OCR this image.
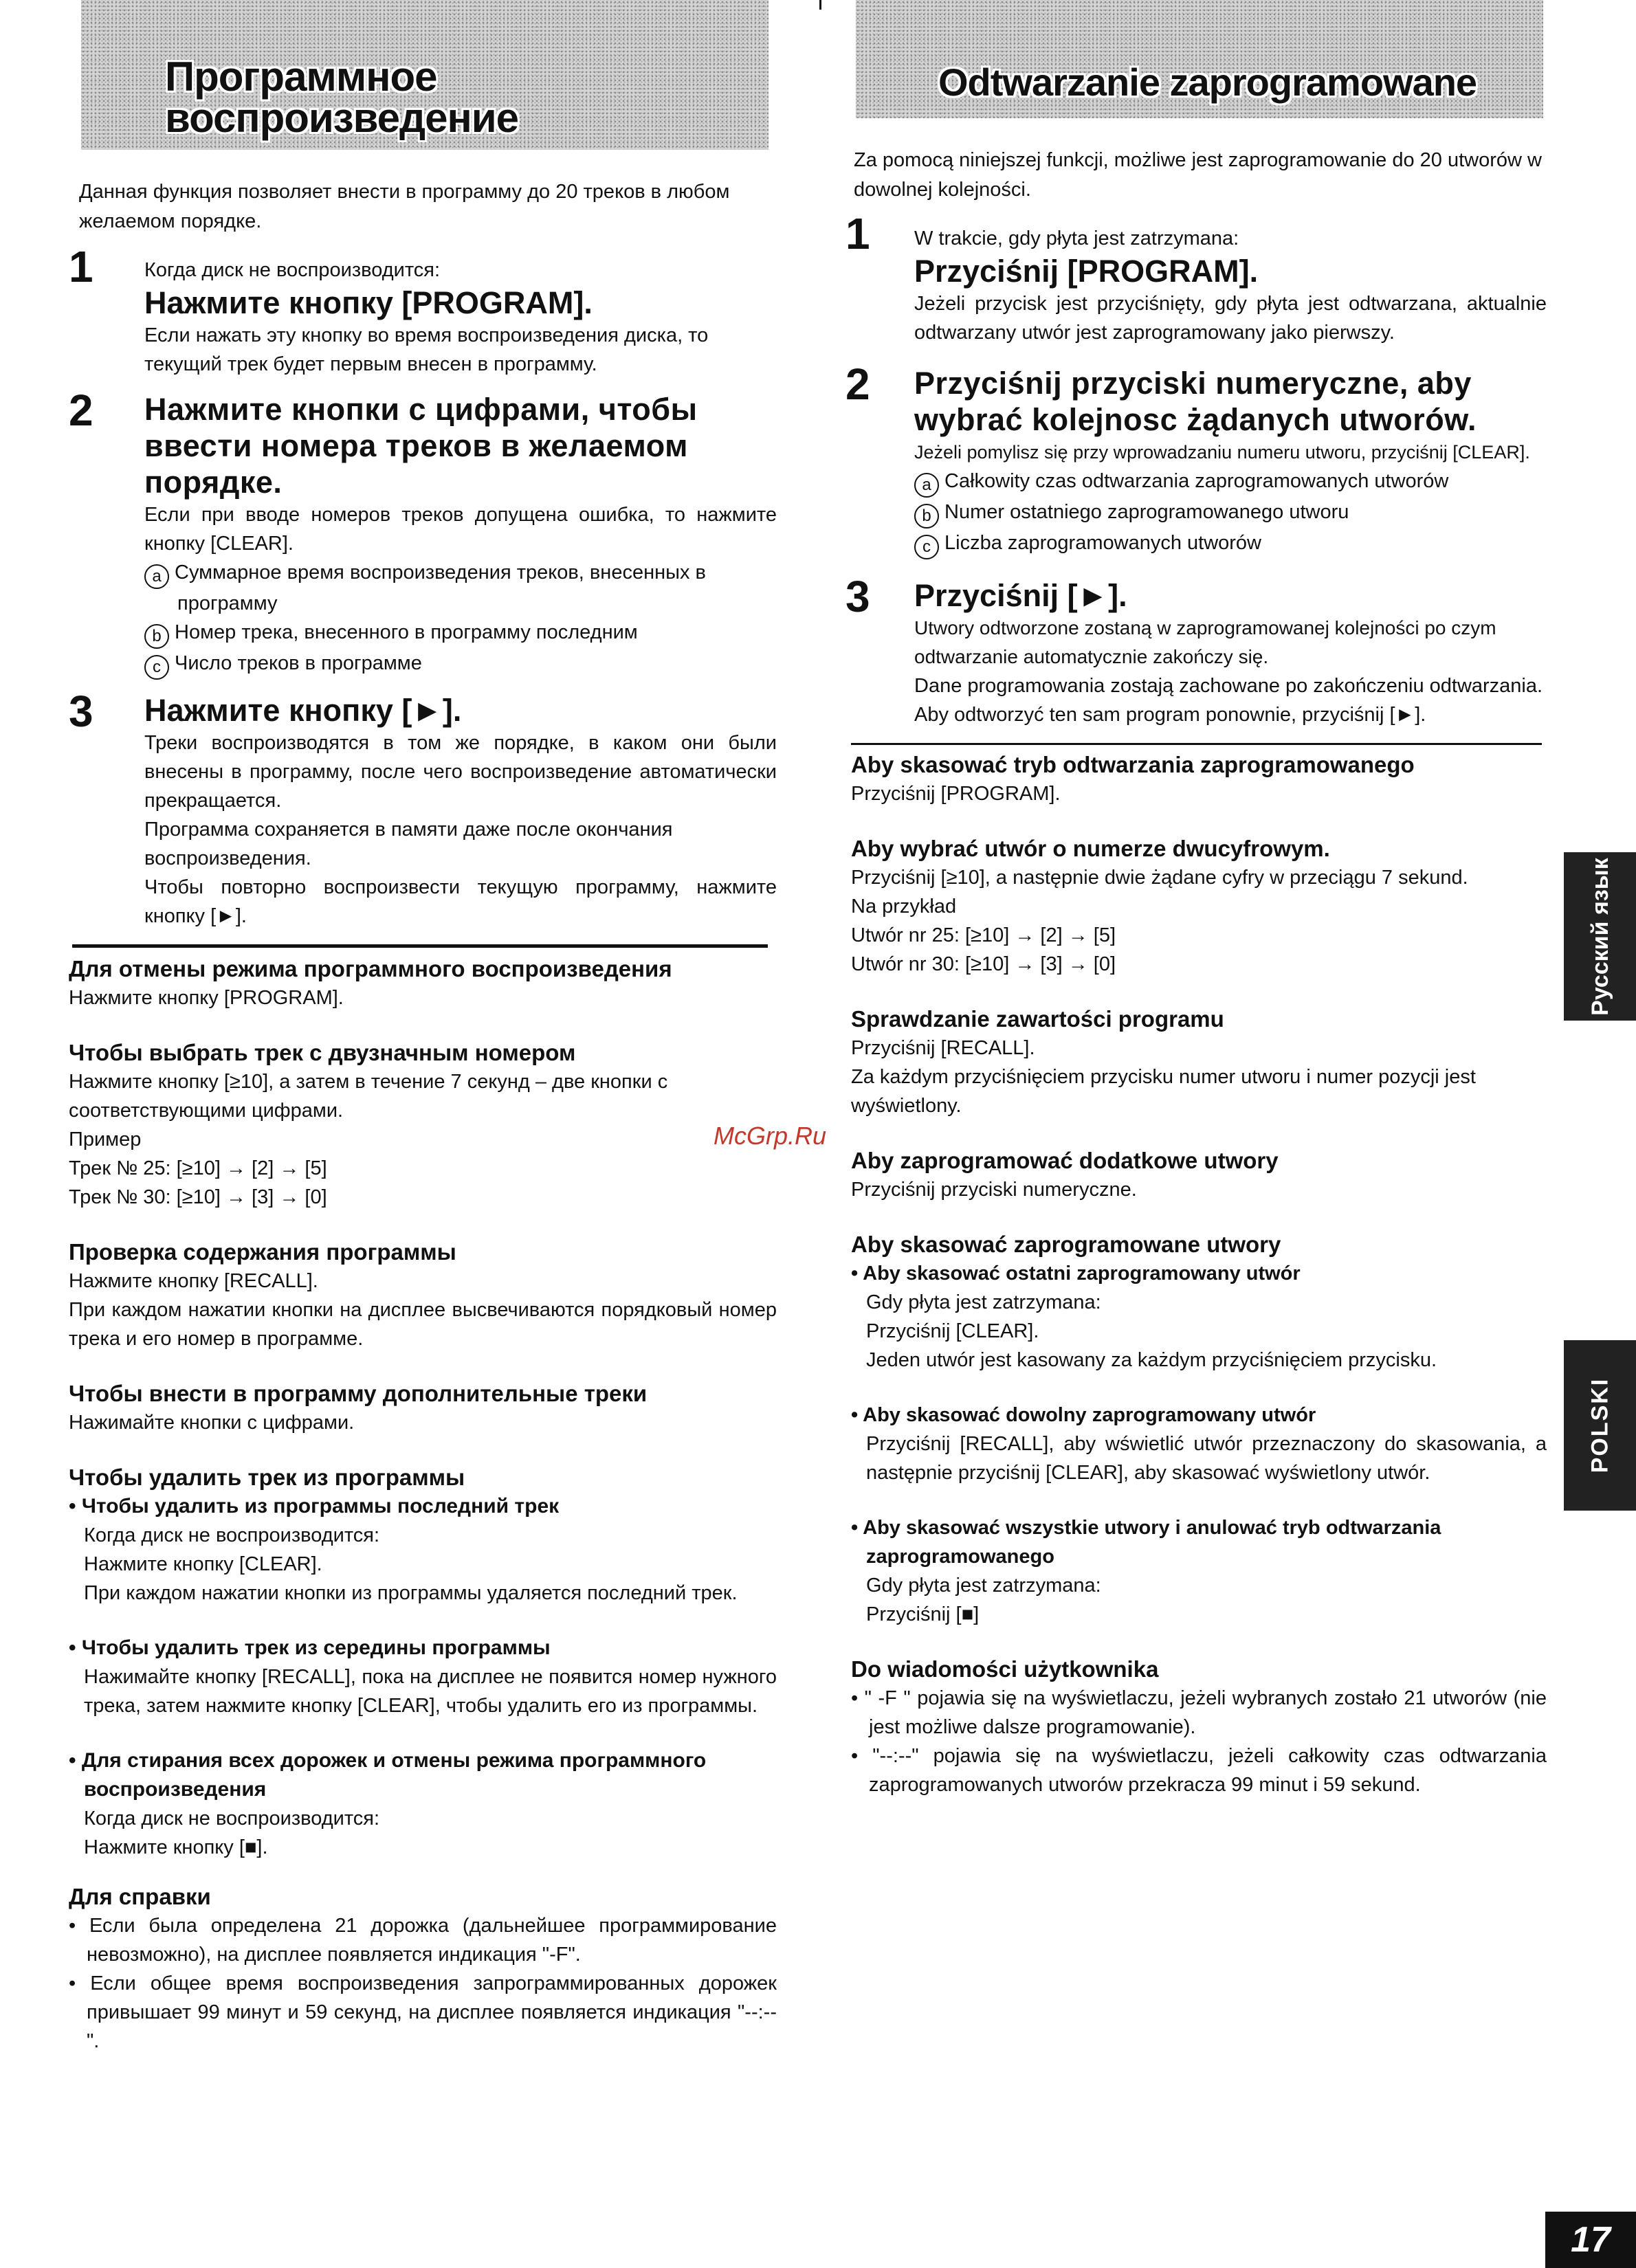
Программное воспроизведение
Данная функция позволяет внести в программу до 20 треков в любом желаемом порядке.
1	Когда диск не воспроизводится:
Нажмите кнопку [PROGRAM].
Если нажать эту кнопку во время воспроизведения диска, то текущий трек будет первым внесен в программу.
2 Нажмите кнопки с цифрами, чтобы ввести номера треков в желаемом порядке.
Если при вводе номеров треков допущена ошибка, то нажмите кнопку [CLEAR].
a Суммарное время воспроизведения треков, внесенных в программу
b Номер трека, внесенного в программу последним
c Число треков в программе
3 Нажмите кнопку [►].
Треки воспроизводятся в том же порядке, в каком они были внесены в программу, после чего воспроизведение автоматически прекращается.
Программа сохраняется в памяти даже после окончания воспроизведения.
Чтобы повторно воспроизвести текущую программу, нажмите кнопку [►].
Для отмены режима программного воспроизведения
Нажмите кнопку [PROGRAM].
Чтобы выбрать трек с двузначным номером
Нажмите кнопку [≥10], а затем в течение 7 секунд – две кнопки с соответствующими цифрами.
Пример
Трек № 25: [≥10] → [2] → [5]
Трек № 30: [≥10] → [3] → [0]
Проверка содержания программы
Нажмите кнопку [RECALL].
При каждом нажатии кнопки на дисплее высвечиваются порядковый номер трека и его номер в программе.
Чтобы внести в программу дополнительные треки
Нажимайте кнопки с цифрами.
Чтобы удалить трек из программы
• Чтобы удалить из программы последний трек
Когда диск не воспроизводится:
Нажмите кнопку [CLEAR].
При каждом нажатии кнопки из программы удаляется последний трек.
• Чтобы удалить трек из середины программы
Нажимайте кнопку [RECALL], пока на дисплее не появится номер нужного трека, затем нажмите кнопку [CLEAR], чтобы удалить его из программы.
• Для стирания всех дорожек и отмены режима программного воспроизведения
Когда диск не воспроизводится:
Нажмите кнопку [■].
Для справки
• Если была определена 21 дорожка (дальнейшее программирование невозможно), на дисплее появляется индикация "-F".
• Если общее время воспроизведения запрограммированных дорожек привышает 99 минут и 59 секунд, на дисплее появляется индикация "--:--".
Odtwarzanie zaprogramowane
Za pomocą niniejszej funkcji, możliwe jest zaprogramowanie do 20 utworów w dowolnej kolejności.
1 W trakcie, gdy płyta jest zatrzymana:
Przyciśnij [PROGRAM].
Jeżeli przycisk jest przyciśnięty, gdy płyta jest odtwarzana, aktualnie odtwarzany utwór jest zaprogramowany jako pierwszy.
2 Przyciśnij przyciski numeryczne, aby wybrać kolejnosc żądanych utworów.
Jeżeli pomylisz się przy wprowadzaniu numeru utworu, przyciśnij [CLEAR].
a Całkowity czas odtwarzania zaprogramowanych utworów
b Numer ostatniego zaprogramowanego utworu
c Liczba zaprogramowanych utworów
3 Przyciśnij [►].
Utwory odtworzone zostaną w zaprogramowanej kolejności po czym odtwarzanie automatycznie zakończy się.
Dane programowania zostają zachowane po zakończeniu odtwarzania.
Aby odtworzyć ten sam program ponownie, przyciśnij [►].
Aby skasować tryb odtwarzania zaprogramowanego
Przyciśnij [PROGRAM].
Aby wybrać utwór o numerze dwucyfrowym.
Przyciśnij [≥10], a następnie dwie żądane cyfry w przeciągu 7 sekund.
Na przykład
Utwór nr 25: [≥10] → [2] → [5]
Utwór nr 30: [≥10] → [3] → [0]
Sprawdzanie zawartości programu
Przyciśnij [RECALL].
Za każdym przyciśnięciem przycisku numer utworu i numer pozycji jest wyświetlony.
Aby zaprogramować dodatkowe utwory
Przyciśnij przyciski numeryczne.
Aby skasować zaprogramowane utwory
• Aby skasować ostatni zaprogramowany utwór
Gdy płyta jest zatrzymana:
Przyciśnij [CLEAR].
Jeden utwór jest kasowany za każdym przyciśnięciem przycisku.
• Aby skasować dowolny zaprogramowany utwór
Przyciśnij [RECALL], aby wświetlić utwór przeznaczony do skasowania, a następnie przyciśnij [CLEAR], aby skasować wyświetlony utwór.
• Aby skasować wszystkie utwory i anulować tryb odtwarzania zaprogramowanego
Gdy płyta jest zatrzymana:
Przyciśnij [■]
Do wiadomości użytkownika
• " -F " pojawia się na wyświetlaczu, jeżeli wybranych zostało 21 utworów (nie jest możliwe dalsze programowanie).
• "--:--" pojawia się na wyświetlaczu, jeżeli całkowity czas odtwarzania zaprogramowanych utworów przekracza 99 minut i 59 sekund.
McGrp.Ru
Русский язык
POLSKI
17
